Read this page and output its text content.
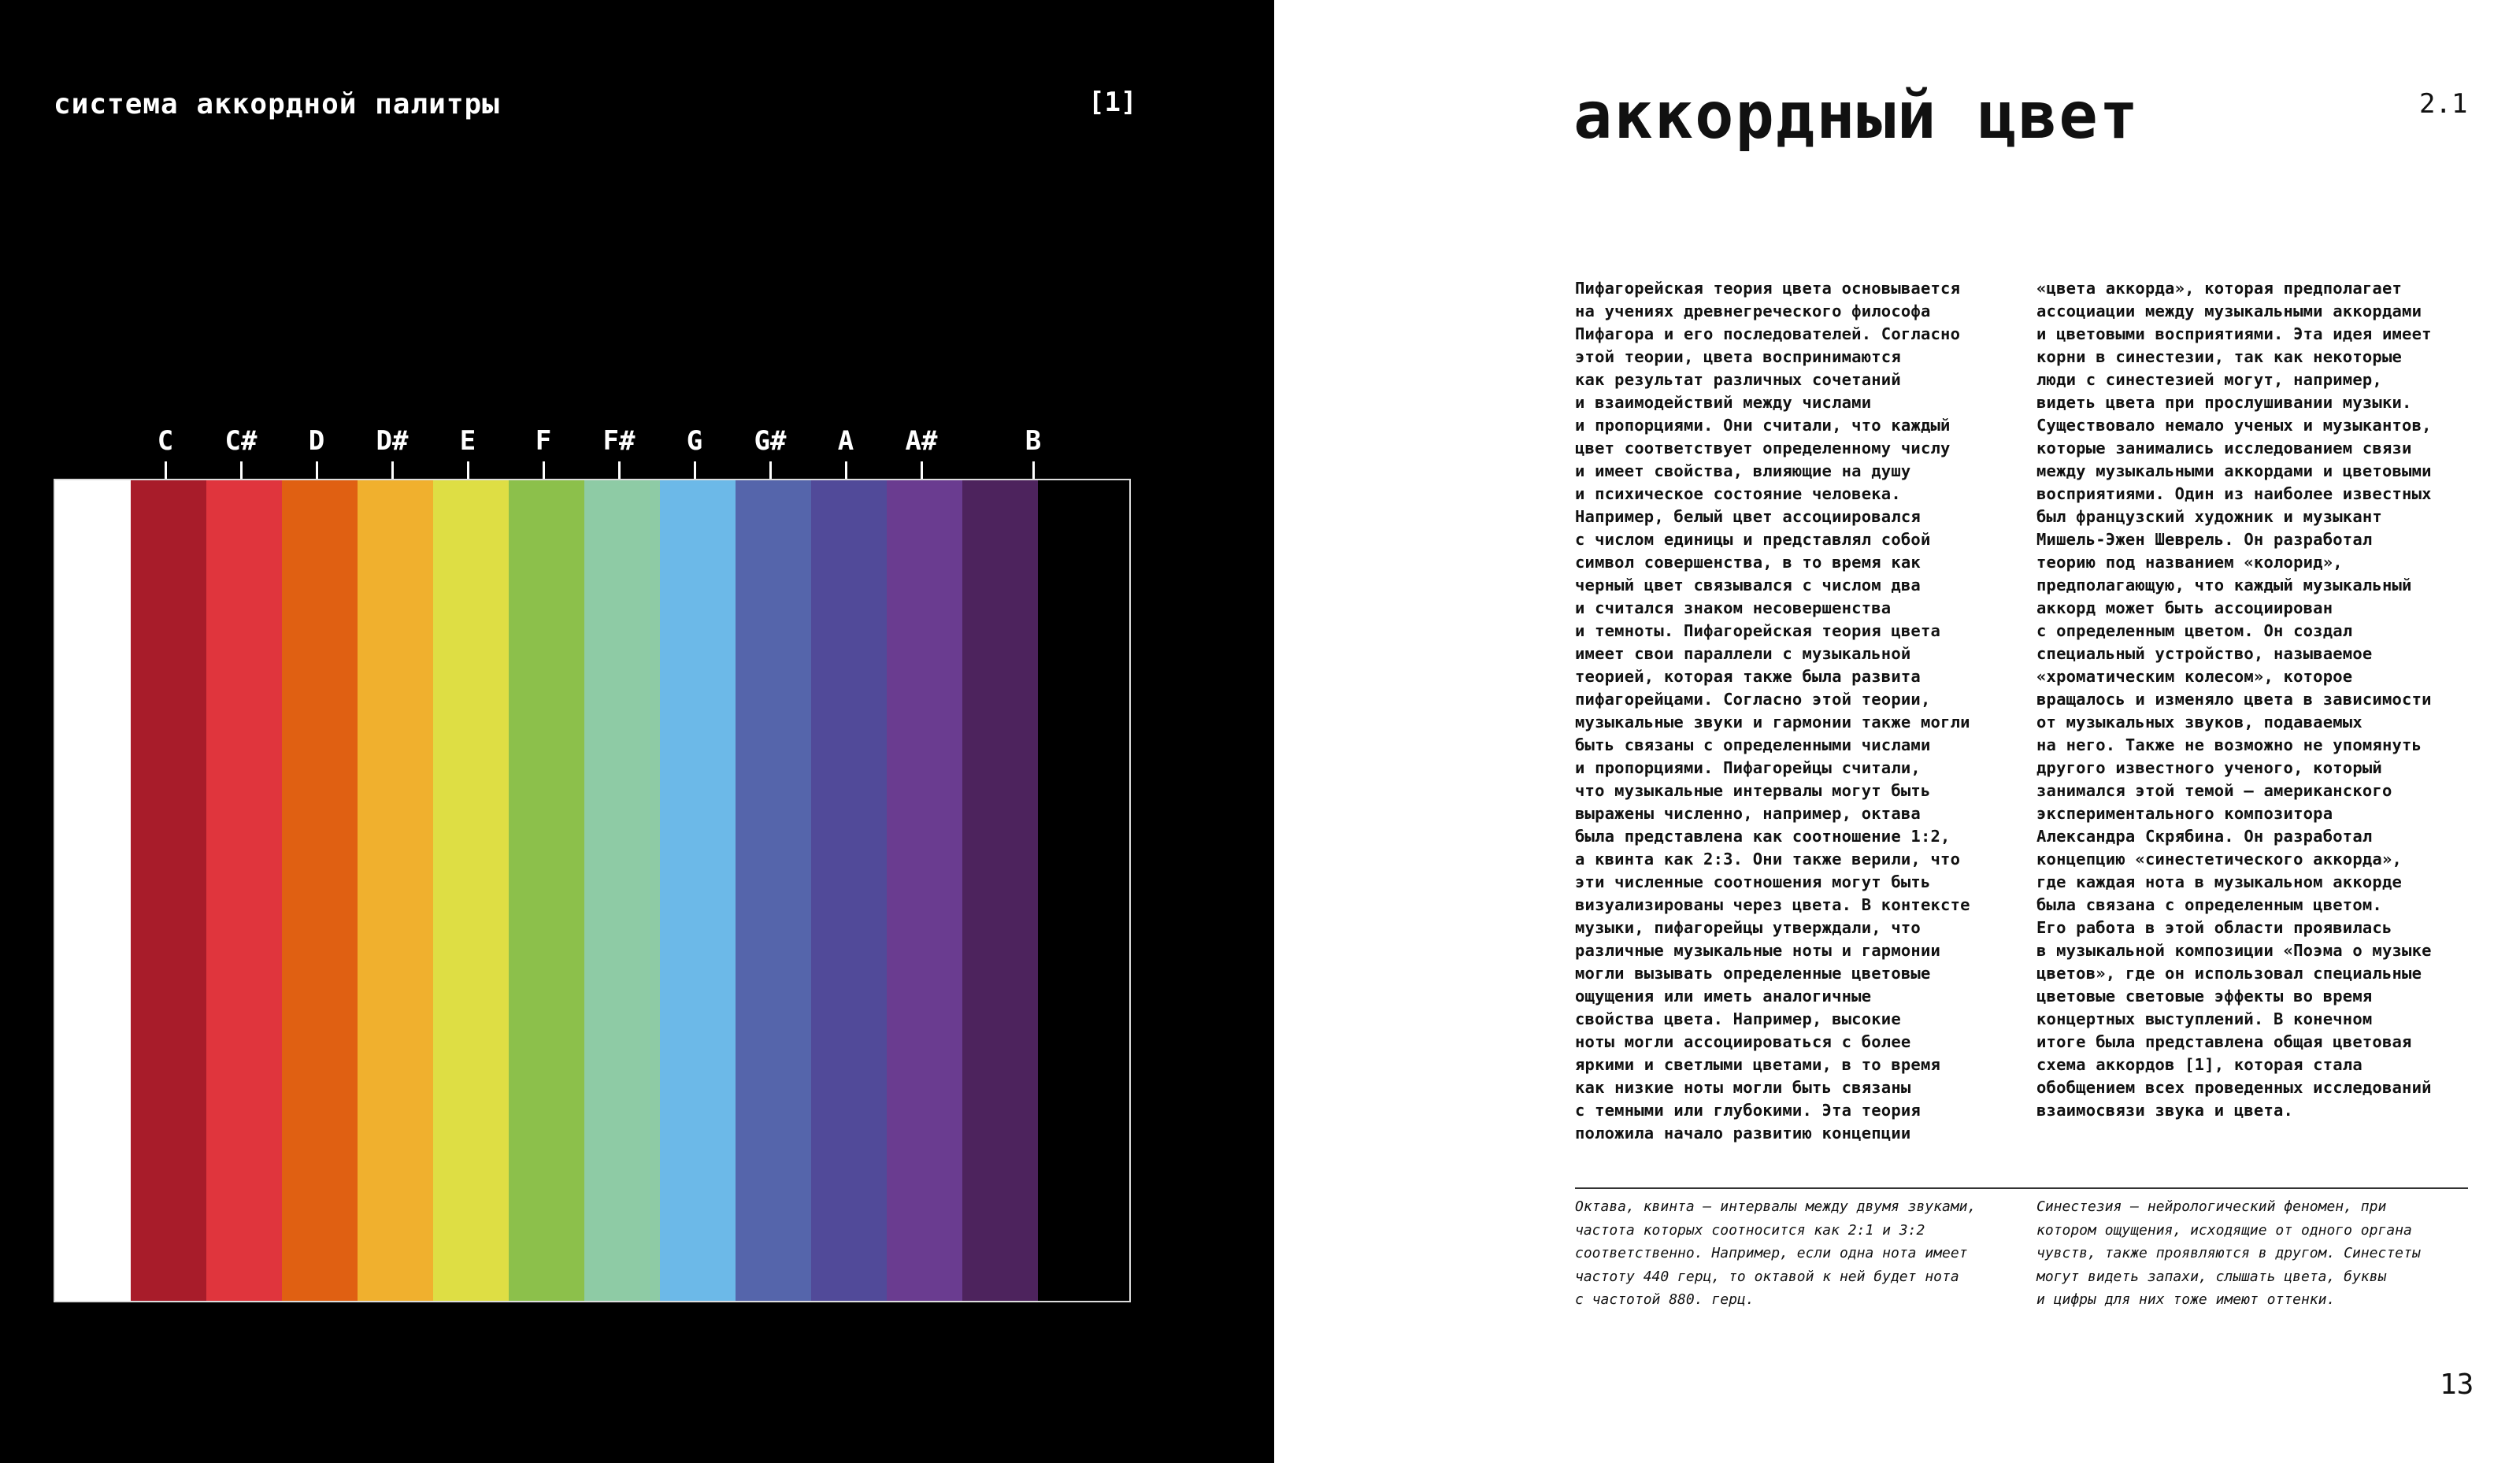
система аккордной палитры	[1]
C	C#	D	D#	E	F	F#	G	G#	A	A#	B
аккордный цвет	2.1
Пифагорейская теория цвета основывается
на учениях древнегреческого философа
Пифагора и его последователей. Согласно
этой теории, цвета воспринимаются
как результат различных сочетаний
и взаимодействий между числами
и пропорциями. Они считали, что каждый
цвет соответствует определенному числу
и имеет свойства, влияющие на душу
и психическое состояние человека.
Например, белый цвет ассоциировался
с числом единицы и представлял собой
символ совершенства, в то время как
черный цвет связывался с числом два
и считался знаком несовершенства
и темноты. Пифагорейская теория цвета
имеет свои параллели с музыкальной
теорией, которая также была развита
пифагорейцами. Согласно этой теории,
музыкальные звуки и гармонии также могли
быть связаны с определенными числами
и пропорциями. Пифагорейцы считали,
что музыкальные интервалы могут быть
выражены численно, например, октава
была представлена как соотношение 1:2,
а квинта как 2:3. Они также верили, что
эти численные соотношения могут быть
визуализированы через цвета. В контексте
музыки, пифагорейцы утверждали, что
различные музыкальные ноты и гармонии
могли вызывать определенные цветовые
ощущения или иметь аналогичные
свойства цвета. Например, высокие
ноты могли ассоциироваться с более
яркими и светлыми цветами, в то время
как низкие ноты могли быть связаны
с темными или глубокими. Эта теория
положила начало развитию концепции
«цвета аккорда», которая предполагает
ассоциации между музыкальными аккордами
и цветовыми восприятиями. Эта идея имеет
корни в синестезии, так как некоторые
люди с синестезией могут, например,
видеть цвета при прослушивании музыки.
Существовало немало ученых и музыкантов,
которые занимались исследованием связи
между музыкальными аккордами и цветовыми
восприятиями. Один из наиболее известных
был французский художник и музыкант
Мишель-Эжен Шеврель. Он разработал
теорию под названием «колорид»,
предполагающую, что каждый музыкальный
аккорд может быть ассоциирован
с определенным цветом. Он создал
специальный устройство, называемое
«хроматическим колесом», которое
вращалось и изменяло цвета в зависимости
от музыкальных звуков, подаваемых
на него. Также не возможно не упомянуть
другого известного ученого, который
занимался этой темой – американского
экспериментального композитора
Александра Скрябина. Он разработал
концепцию «синестетического аккорда»,
где каждая нота в музыкальном аккорде
была связана с определенным цветом.
Его работа в этой области проявилась
в музыкальной композиции «Поэма о музыке
цветов», где он использовал специальные
цветовые световые эффекты во время
концертных выступлений. В конечном
итоге была представлена общая цветовая
схема аккордов [1], которая стала
обобщением всех проведенных исследований
взаимосвязи звука и цвета.
Октава, квинта – интервалы между двумя звуками,
частота которых соотносится как 2:1 и 3:2
соответственно. Например, если одна нота имеет
частоту 440 герц, то октавой к ней будет нота
с частотой 880. герц.
Синестезия – нейрологический феномен, при
котором ощущения, исходящие от одного органа
чувств, также проявляются в другом. Синестеты
могут видеть запахи, слышать цвета, буквы
и цифры для них тоже имеют оттенки.
13
